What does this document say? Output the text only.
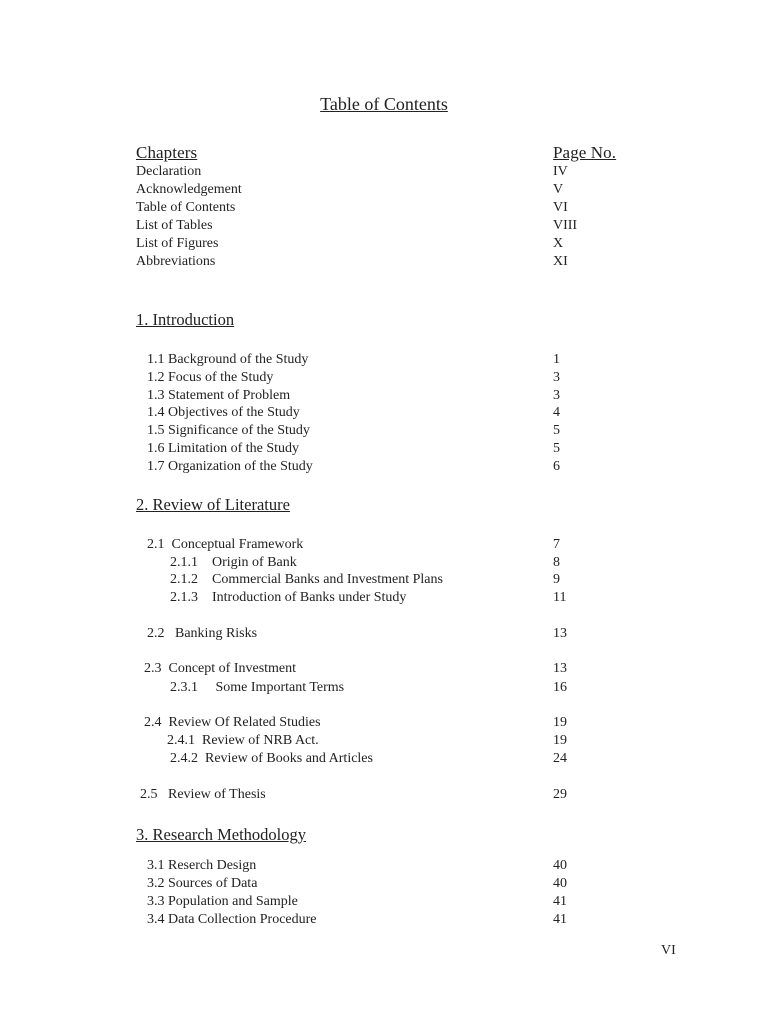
Table of Contents
Chapters	Page No.
Declaration	IV
Acknowledgement	V
Table of Contents	VI
List of Tables	VIII
List of Figures	X
Abbreviations	XI
1. Introduction
1.1 Background of the Study	1
1.2 Focus of the Study	3
1.3 Statement of Problem	3
1.4 Objectives of the Study	4
1.5 Significance of the Study	5
1.6 Limitation of the Study	5
1.7 Organization of the Study	6
2. Review of Literature
2.1  Conceptual Framework	7
2.1.1    Origin of Bank	8
2.1.2    Commercial Banks and Investment Plans	9
2.1.3    Introduction of Banks under Study	11
2.2   Banking Risks	13
2.3  Concept of Investment	13
2.3.1     Some Important Terms	16
2.4  Review Of Related Studies	19
2.4.1  Review of NRB Act.	19
2.4.2  Review of Books and Articles	24
2.5   Review of Thesis	29
3. Research Methodology
3.1 Reserch Design	40
3.2 Sources of Data	40
3.3 Population and Sample	41
3.4 Data Collection Procedure	41
VI
